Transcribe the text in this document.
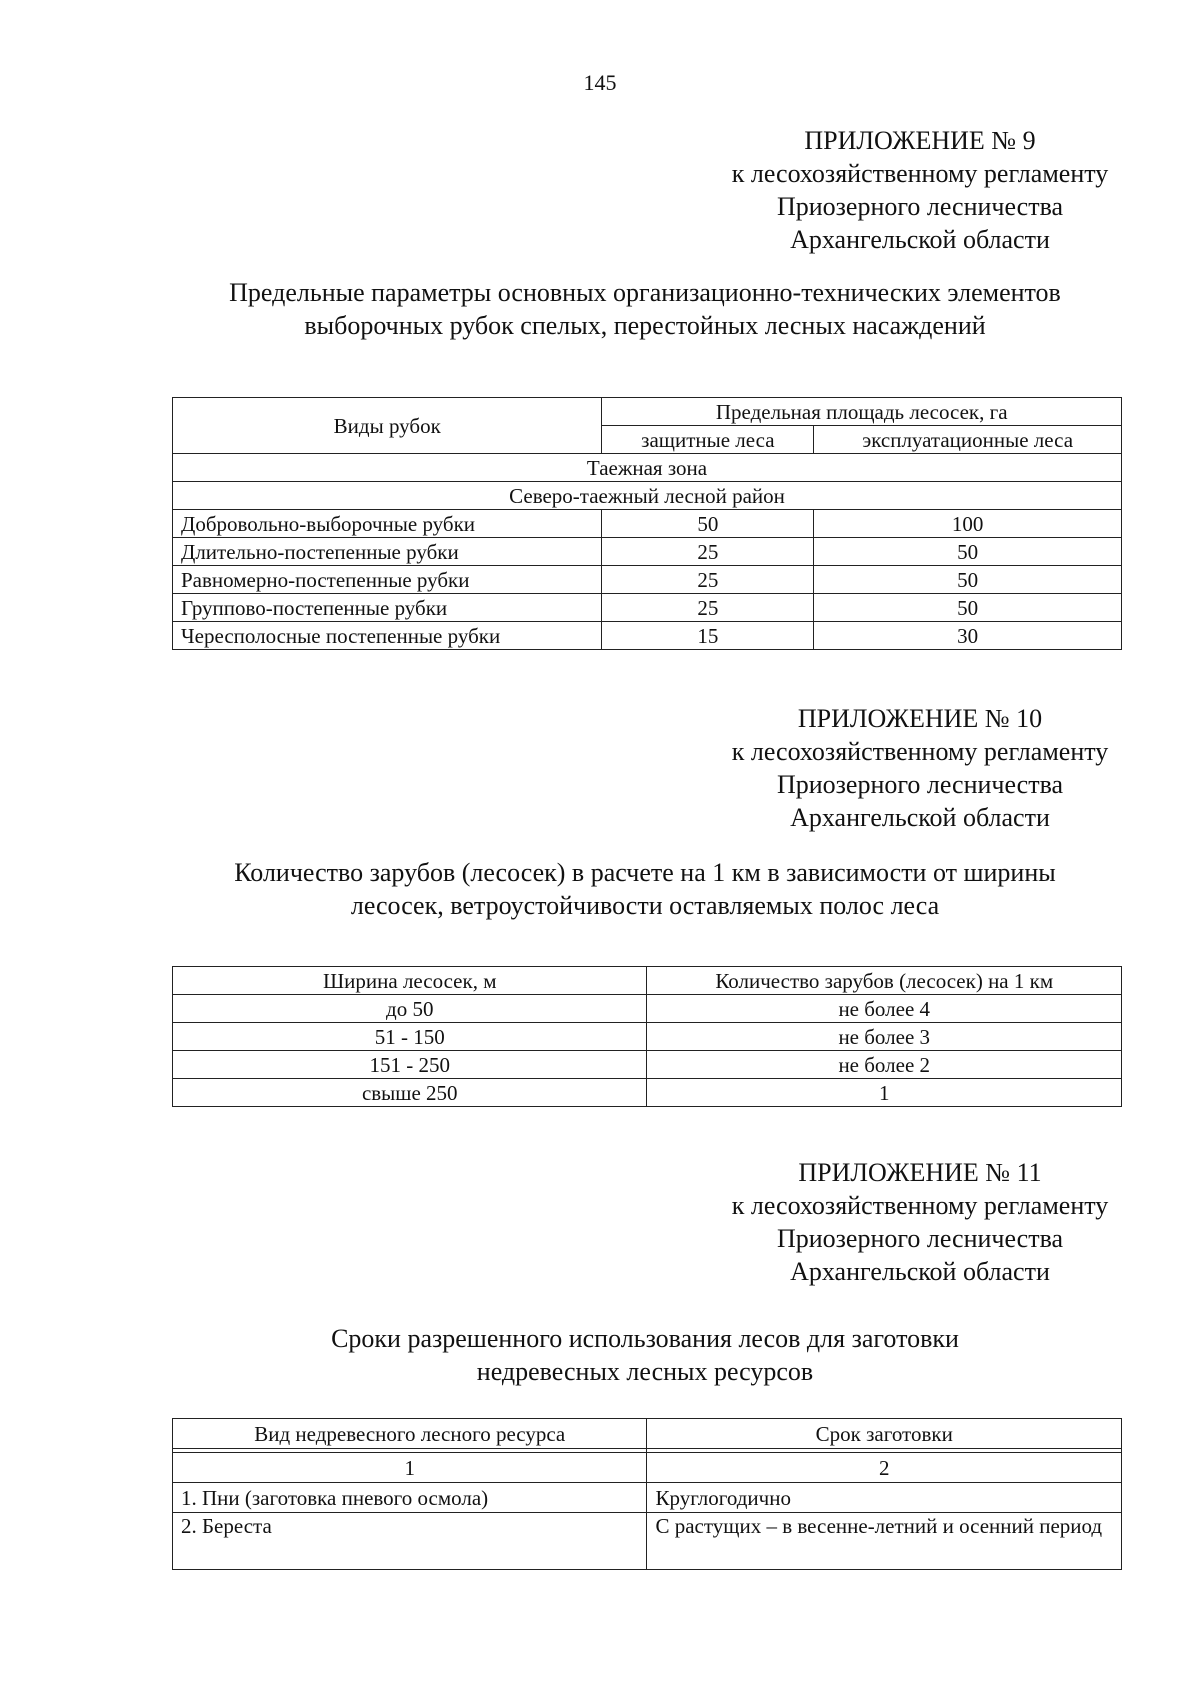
145
ПРИЛОЖЕНИЕ № 9
к лесохозяйственному регламенту
Приозерного лесничества
Архангельской области
Предельные параметры основных организационно-технических элементов
выборочных рубок спелых, перестойных лесных насаждений
Виды рубок	Предельная площадь лесосек, га	
	защитные леса	эксплуатационные леса
Таежная зона		
Северо-таежный лесной район		
Добровольно-выборочные рубки	50	100
Длительно-постепенные рубки	25	50
Равномерно-постепенные рубки	25	50
Группово-постепенные рубки	25	50
Чересполосные постепенные рубки	15	30
ПРИЛОЖЕНИЕ № 10
к лесохозяйственному регламенту
Приозерного лесничества
Архангельской области
Количество зарубов (лесосек) в расчете на 1 км в зависимости от ширины
лесосек, ветроустойчивости оставляемых полос леса
Ширина лесосек, м	Количество зарубов (лесосек) на 1 км
до 50	не более 4
51 - 150	не более 3
151 - 250	не более 2
свыше 250	1
ПРИЛОЖЕНИЕ № 11
к лесохозяйственному регламенту
Приозерного лесничества
Архангельской области
Сроки разрешенного использования лесов для заготовки
недревесных лесных ресурсов
Вид недревесного лесного ресурса	Срок заготовки

1	2
1. Пни (заготовка пневого осмола)	Круглогодично
2. Береста	С растущих – в весенне-летний и осенний период
